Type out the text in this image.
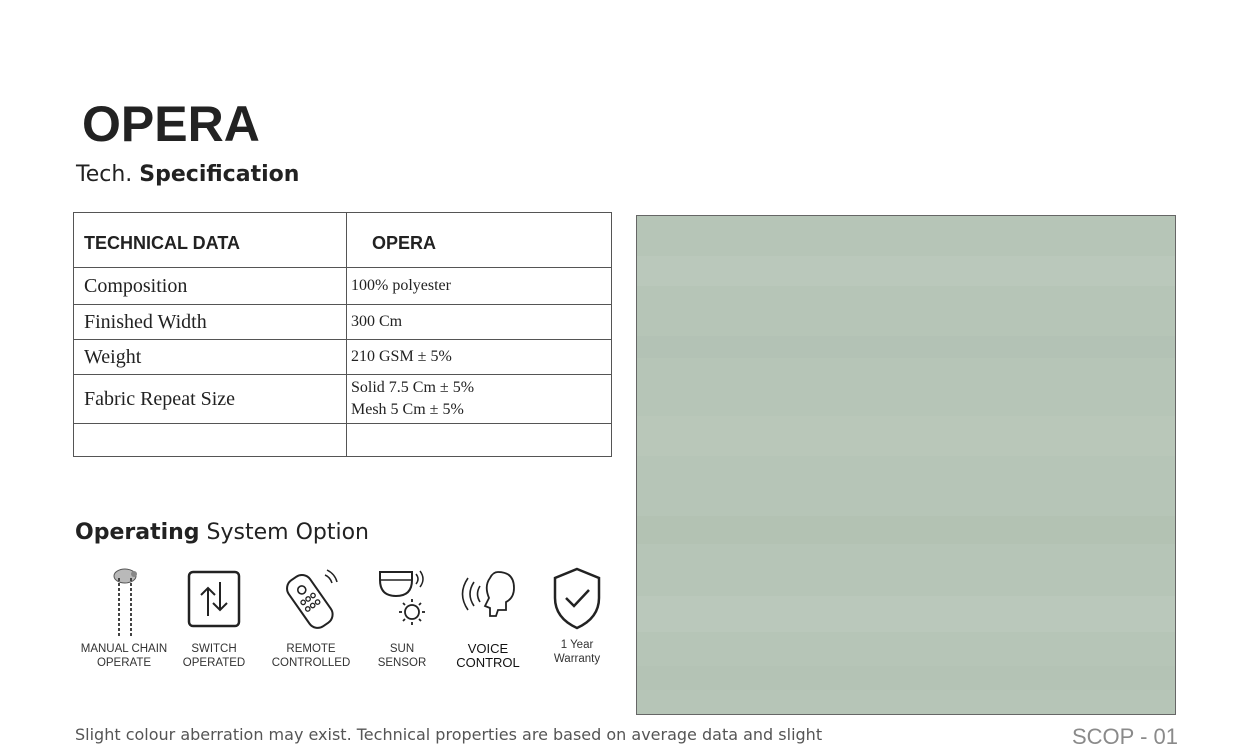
OPERA
Tech. Specification
TECHNICAL DATA	OPERA
Composition	100% polyester
Finished Width	300 Cm
Weight	210 GSM ± 5%
Fabric Repeat Size	Solid 7.5 Cm ± 5%
Mesh 5 Cm ± 5%

Operating System Option
MANUAL CHAIN
OPERATE
SWITCH
OPERATED
REMOTE
CONTROLLED
SUN
SENSOR
VOICE
CONTROL
1 Year
Warranty
Slight colour aberration may exist. Technical properties are based on average data and slight	SCOP - 01
